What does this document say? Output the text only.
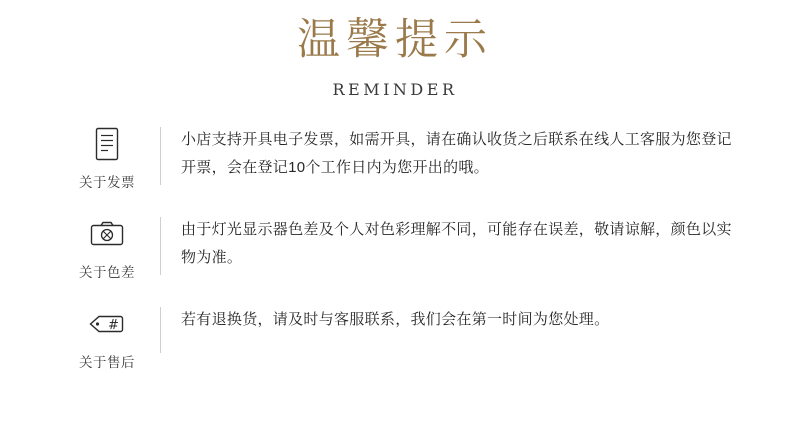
温馨提示
REMINDER
关于发票
小店支持开具电子发票，如需开具，请在确认收货之后联系在线人工客服为您登记开票，会在登记10个工作日内为您开出的哦。
关于色差
由于灯光显示器色差及个人对色彩理解不同，可能存在误差，敬请谅解，颜色以实物为准。
#
关于售后
若有退换货，请及时与客服联系，我们会在第一时间为您处理。
